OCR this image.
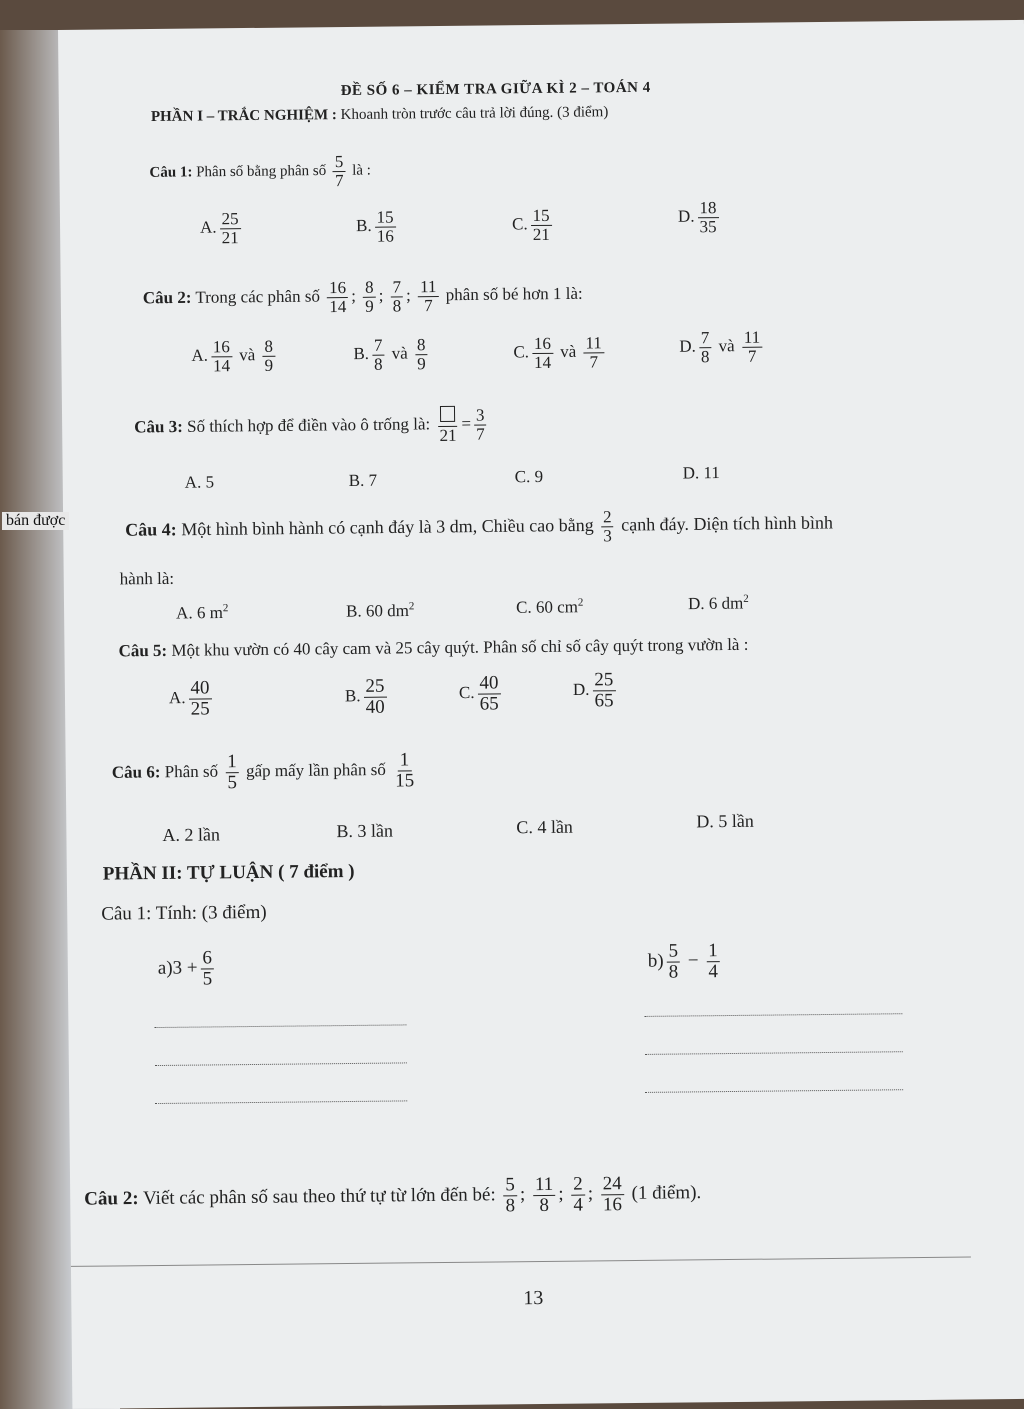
ĐỀ SỐ 6 – KIỂM TRA GIỮA KÌ 2 – TOÁN 4
PHẦN I – TRẮC NGHIỆM : Khoanh tròn trước câu trả lời đúng. (3 điểm)
Câu 1: Phân số bằng phân số $\frac{5}{7}$ là :
A. $\frac{25}{21}$	B. $\frac{15}{16}$	C. $\frac{15}{21}$	D. $\frac{18}{35}$
Câu 2: Trong các phân số $\frac{16}{14}$ ; $\frac{8}{9}$ ; $\frac{7}{8}$ ; $\frac{11}{7}$ phân số bé hơn 1 là:
A. $\frac{16}{14}$ và $\frac{8}{9}$	B. $\frac{7}{8}$ và $\frac{8}{9}$	C. $\frac{16}{14}$ và $\frac{11}{7}$	D. $\frac{7}{8}$ và $\frac{11}{7}$
Câu 3: Số thích hợp để điền vào ô trống là: 21
= $\frac{3}{7}$
A. 5	B. 7	C. 9	D. 11
Câu 4: Một hình bình hành có cạnh đáy là 3 dm, Chiều cao bằng $\frac{2}{3}$ cạnh đáy. Diện tích hình bình
hành là:
A. 6 $m^2$	B. 60 $dm^2$	C. 60 $cm^2$	D. 6 $dm^2$
Câu 5: Một khu vườn có 40 cây cam và 25 cây quýt. Phân số chỉ số cây quýt trong vườn là :
A. $\frac{40}{25}$	B. $\frac{25}{40}$	C. $\frac{40}{65}$	D. $\frac{25}{65}$
Câu 6: Phân số $\frac{1}{5}$ gấp mấy lần phân số $\frac{1}{15}$
A. 2 lần	B. 3 lần	C. 4 lần	D. 5 lần
PHẦN II: TỰ LUẬN ( 7 điểm )
Câu 1: Tính: (3 điểm)
$a)3 + \frac{6}{5}$	$b) \frac{5}{8} - \frac{1}{4}$
Câu 2: Viết các phân số sau theo thứ tự từ lớn đến bé: $\frac{5}{8}$ ; $\frac{11}{8}$ ; $\frac{2}{4}$ ; $\frac{24}{16} (1$ điểm).
13
bán được
